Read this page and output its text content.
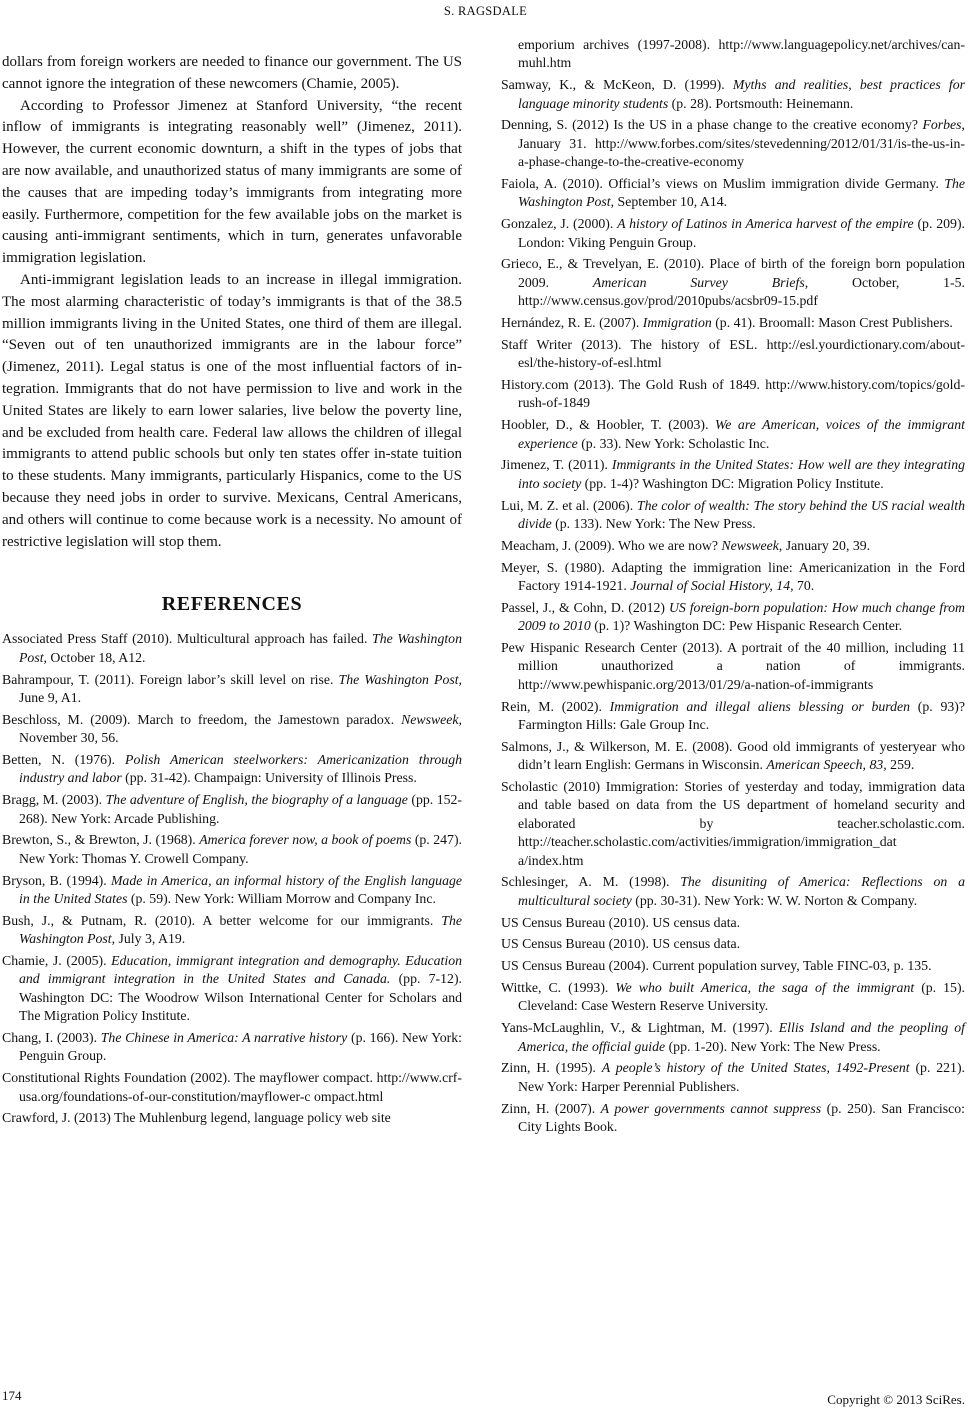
S. RAGSDALE

dollars from foreign workers are needed to finance our government. The US cannot ignore the integration of these newcomers (Chamie, 2005).

According to Professor Jimenez at Stanford University, “the recent inflow of immigrants is integrating reasonably well” (Jimenez, 2011). However, the current economic downturn, a shift in the types of jobs that are now available, and unauthorized status of many immigrants are some of the causes that are impeding today’s immigrants from integrating more easily. Furthermore, competition for the few available jobs on the market is causing anti-immigrant sentiments, which in turn, generates unfavorable immigration legislation.

Anti-immigrant legislation leads to an increase in illegal immigration. The most alarming characteristic of today’s immigrants is that of the 38.5 million immigrants living in the United States, one third of them are illegal. “Seven out of ten unauthorized immigrants are in the labour force” (Jimenez, 2011). Legal status is one of the most influential factors of integration. Immigrants that do not have permission to live and work in the United States are likely to earn lower salaries, live below the poverty line, and be excluded from health care. Federal law allows the children of illegal immigrants to attend public schools but only ten states offer in-state tuition to these students. Many immigrants, particularly Hispanics, come to the US because they need jobs in order to survive. Mexicans, Central Americans, and others will continue to come because work is a necessity. No amount of restrictive legislation will stop them.

REFERENCES

Associated Press Staff (2010). Multicultural approach has failed. The Washington Post, October 18, A12.

Bahrampour, T. (2011). Foreign labor’s skill level on rise. The Washington Post, June 9, A1.

Beschloss, M. (2009). March to freedom, the Jamestown paradox. Newsweek, November 30, 56.

Betten, N. (1976). Polish American steelworkers: Americanization through industry and labor (pp. 31-42). Champaign: University of Illinois Press.

Bragg, M. (2003). The adventure of English, the biography of a language (pp. 152-268). New York: Arcade Publishing.

Brewton, S., & Brewton, J. (1968). America forever now, a book of poems (p. 247). New York: Thomas Y. Crowell Company.

Bryson, B. (1994). Made in America, an informal history of the English language in the United States (p. 59). New York: William Morrow and Company Inc.

Bush, J., & Putnam, R. (2010). A better welcome for our immigrants. The Washington Post, July 3, A19.

Chamie, J. (2005). Education, immigrant integration and demography. Education and immigrant integration in the United States and Canada. (pp. 7-12). Washington DC: The Woodrow Wilson International Center for Scholars and The Migration Policy Institute.

Chang, I. (2003). The Chinese in America: A narrative history (p. 166). New York: Penguin Group.

Constitutional Rights Foundation (2002). The mayflower compact. http://www.crf-usa.org/foundations-of-our-constitution/mayflower-c ompact.html

Crawford, J. (2013) The Muhlenburg legend, language policy web site

emporium archives (1997-2008). http://www.languagepolicy.net/archives/can-muhl.htm

Samway, K., & McKeon, D. (1999). Myths and realities, best practices for language minority students (p. 28). Portsmouth: Heinemann.

Denning, S. (2012) Is the US in a phase change to the creative economy? Forbes, January 31. http://www.forbes.com/sites/stevedenning/2012/01/31/is-the-us-in-a-phase-change-to-the-creative-economy

Faiola, A. (2010). Official’s views on Muslim immigration divide Germany. The Washington Post, September 10, A14.

Gonzalez, J. (2000). A history of Latinos in America harvest of the empire (p. 209). London: Viking Penguin Group.

Grieco, E., & Trevelyan, E. (2010). Place of birth of the foreign born population 2009. American Survey Briefs, October, 1-5. http://www.census.gov/prod/2010pubs/acsbr09-15.pdf

Hernández, R. E. (2007). Immigration (p. 41). Broomall: Mason Crest Publishers.

Staff Writer (2013). The history of ESL. http://esl.yourdictionary.com/about-esl/the-history-of-esl.html

History.com (2013). The Gold Rush of 1849. http://www.history.com/topics/gold-rush-of-1849

Hoobler, D., & Hoobler, T. (2003). We are American, voices of the immigrant experience (p. 33). New York: Scholastic Inc.

Jimenez, T. (2011). Immigrants in the United States: How well are they integrating into society (pp. 1-4)? Washington DC: Migration Policy Institute.

Lui, M. Z. et al. (2006). The color of wealth: The story behind the US racial wealth divide (p. 133). New York: The New Press.

Meacham, J. (2009). Who we are now? Newsweek, January 20, 39.

Meyer, S. (1980). Adapting the immigration line: Americanization in the Ford Factory 1914-1921. Journal of Social History, 14, 70.

Passel, J., & Cohn, D. (2012) US foreign-born population: How much change from 2009 to 2010 (p. 1)? Washington DC: Pew Hispanic Research Center.

Pew Hispanic Research Center (2013). A portrait of the 40 million, including 11 million unauthorized a nation of immigrants. http://www.pewhispanic.org/2013/01/29/a-nation-of-immigrants

Rein, M. (2002). Immigration and illegal aliens blessing or burden (p. 93)? Farmington Hills: Gale Group Inc.

Salmons, J., & Wilkerson, M. E. (2008). Good old immigrants of yesteryear who didn’t learn English: Germans in Wisconsin. American Speech, 83, 259.

Scholastic (2010) Immigration: Stories of yesterday and today, immigration data and table based on data from the US department of homeland security and elaborated by teacher.scholastic.com. http://teacher.scholastic.com/activities/immigration/immigration_dat a/index.htm

Schlesinger, A. M. (1998). The disuniting of America: Reflections on a multicultural society (pp. 30-31). New York: W. W. Norton & Company.

US Census Bureau (2010). US census data.

US Census Bureau (2010). US census data.

US Census Bureau (2004). Current population survey, Table FINC-03, p. 135.

Wittke, C. (1993). We who built America, the saga of the immigrant (p. 15). Cleveland: Case Western Reserve University.

Yans-McLaughlin, V., & Lightman, M. (1997). Ellis Island and the peopling of America, the official guide (pp. 1-20). New York: The New Press.

Zinn, H. (1995). A people’s history of the United States, 1492-Present (p. 221). New York: Harper Perennial Publishers.

Zinn, H. (2007). A power governments cannot suppress (p. 250). San Francisco: City Lights Book.

174	Copyright © 2013 SciRes.
